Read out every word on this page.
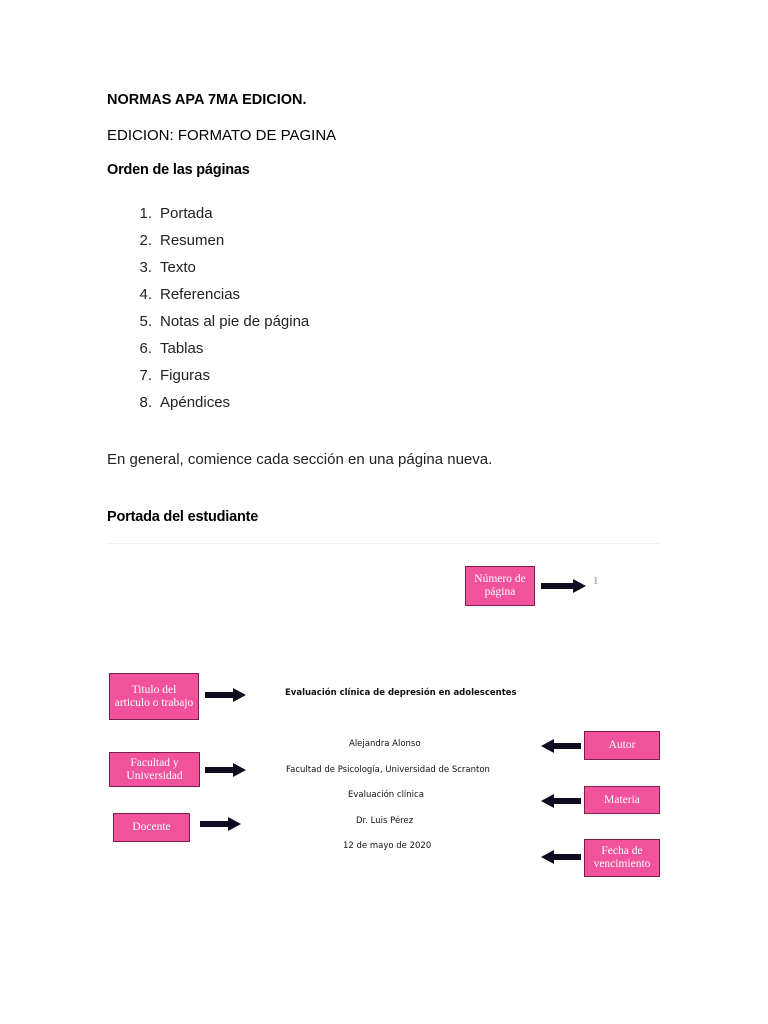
NORMAS APA 7MA EDICION.
EDICION: FORMATO DE PAGINA
Orden de las páginas
1. Portada
2. Resumen
3. Texto
4. Referencias
5. Notas al pie de página
6. Tablas
7. Figuras
8. Apéndices
En general, comience cada sección en una página nueva.
Portada del estudiante
Número de
página
1
Titulo del
articulo o trabajo
Evaluación clínica de depresión en adolescentes
Alejandra Alonso	Autor
Facultad y
Universidad	Facultad de Psicología, Universidad de Scranton
Evaluación clínica	Materia
Docente	Dr. Luis Pérez
12 de mayo de 2020	Fecha de
vencimiento
